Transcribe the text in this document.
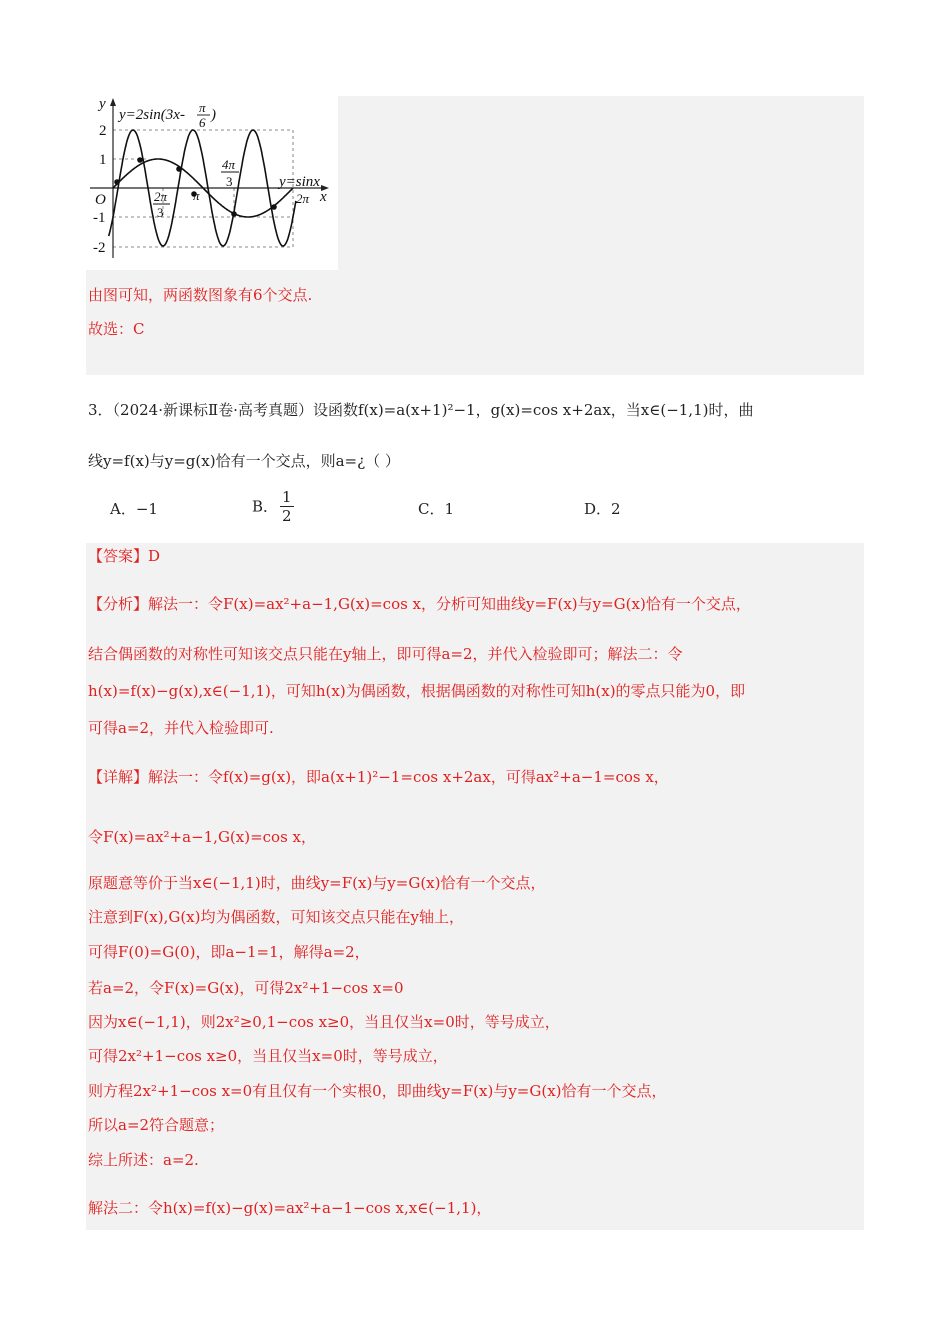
y
x
O
y=2sin(3x- π
6 )
y=sinx
2
1
-1
-2
2π
3
π
4π
3
2π
由图可知，两函数图象有6个交点.
故选：C
3．（2024·新课标Ⅱ卷·高考真题）设函数f(x)=a(x+1)²−1，g(x)=cos x+2ax，当x∈(−1,1)时，曲
线y=f(x)与y=g(x)恰有一个交点，则a=¿（ ）
A．−1	B． $\frac{1}{2}$	C．1	D．2
【答案】D
【分析】解法一：令F(x)=ax²+a−1,G(x)=cos x，分析可知曲线y=F(x)与y=G(x)恰有一个交点，
结合偶函数的对称性可知该交点只能在y轴上，即可得a=2，并代入检验即可；解法二：令
h(x)=f(x)−g(x),x∈(−1,1)，可知h(x)为偶函数，根据偶函数的对称性可知h(x)的零点只能为0，即
可得a=2，并代入检验即可.
【详解】解法一：令f(x)=g(x)，即a(x+1)²−1=cos x+2ax，可得ax²+a−1=cos x，
令F(x)=ax²+a−1,G(x)=cos x，
原题意等价于当x∈(−1,1)时，曲线y=F(x)与y=G(x)恰有一个交点，
注意到F(x),G(x)均为偶函数，可知该交点只能在y轴上，
可得F(0)=G(0)，即a−1=1，解得a=2，
若a=2，令F(x)=G(x)，可得2x²+1−cos x=0
因为x∈(−1,1)，则2x²≥0,1−cos x≥0，当且仅当x=0时，等号成立，
可得2x²+1−cos x≥0，当且仅当x=0时，等号成立，
则方程2x²+1−cos x=0有且仅有一个实根0，即曲线y=F(x)与y=G(x)恰有一个交点，
所以a=2符合题意；
综上所述：a=2.
解法二：令h(x)=f(x)−g(x)=ax²+a−1−cos x,x∈(−1,1)，
